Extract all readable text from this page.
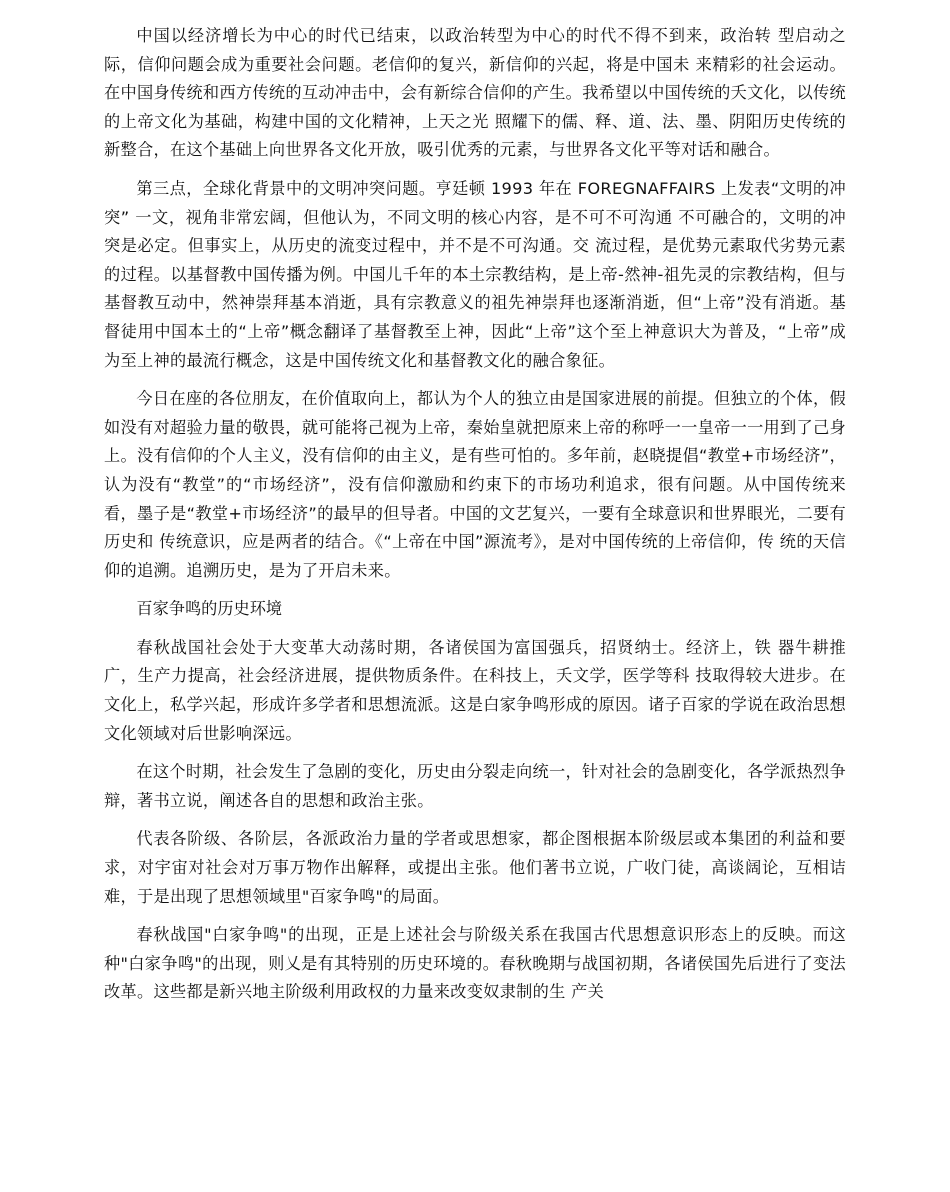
中国以经济增长为中心的时代已结束，以政治转型为中心的时代不得不到来，政治转 型启动之际，信仰问题会成为重要社会问题。老信仰的复兴，新信仰的兴起，将是中国未 来精彩的社会运动。在中国身传统和西方传统的互动冲击中，会有新综合信仰的产生。我希望以中国传统的夭文化，以传统的上帝文化为基础，构建中国的文化精神，上天之光 照耀下的儒、释、道、法、墨、阴阳历史传统的新整合，在这个基础上向世界各文化开放，吸引优秀的元素，与世界各文化平等对话和融合。

第三点，全球化背景中的文明冲突问题。亨廷顿 1993 年在 FOREGNAFFAIRS 上发表“文明的冲突” 一文，视角非常宏阔，但他认为，不同文明的核心内容，是不可不可沟通 不可融合的，文明的冲突是必定。但事实上，从历史的流变过程中，并不是不可沟通。交 流过程，是优势元素取代劣势元素的过程。以基督教中国传播为例。中国儿千年的本土宗教结构，是上帝-然神-祖先灵的宗教结构，但与基督教互动中，然神崇拜基本消逝，具有宗教意义的祖先神崇拜也逐渐消逝，但“上帝”没有消逝。基督徒用中国本土的“上帝”概念翻译了基督教至上神，因此“上帝”这个至上神意识大为普及，“上帝”成为至上神的最流行概念，这是中国传统文化和基督教文化的融合象征。

今日在座的各位朋友，在价值取向上，都认为个人的独立由是国家进展的前提。但独立的个体，假如没有对超验力量的敬畏，就可能将己视为上帝，秦始皇就把原来上帝的称呼一一皇帝一一用到了己身上。没有信仰的个人主义，没有信仰的由主义，是有些可怕的。多年前，赵晓提倡“教堂+市场经济”，认为没有“教堂”的“市场经济”，没有信仰激励和约束下的市场功利追求，很有问题。从中国传统来看，墨子是“教堂+市场经济”的最早的但导者。中国的文艺复兴，一要有全球意识和世界眼光，二要有历史和 传统意识，应是两者的结合。《“上帝在中国”源流考》，是对中国传统的上帝信仰，传 统的天信仰的追溯。追溯历史，是为了开启未来。

百家争鸣的历史环境

春秋战国社会处于大变革大动荡时期，各诸侯国为富国强兵，招贤纳士。经济上，铁 器牛耕推广，生产力提高，社会经济进展，提供物质条件。在科技上，夭文学，医学等科 技取得较大进步。在文化上，私学兴起，形成许多学者和思想流派。这是白家争鸣形成的原因。诸子百家的学说在政治思想文化领域对后世影响深远。

在这个时期，社会发生了急剧的变化，历史由分裂走向统一，针对社会的急剧变化，各学派热烈争辩，著书立说，阐述各自的思想和政治主张。

代表各阶级、各阶层，各派政治力量的学者或思想家，都企图根据本阶级层或本集团的利益和要求，对宇宙对社会对万事万物作出解释，或提出主张。他们著书立说，广收门徒，高谈阔论，互相诘难，于是出现了思想领域里"百家争鸣"的局面。

春秋战国"白家争鸣"的出现，正是上述社会与阶级关系在我国古代思想意识形态上的反映。而这种"白家争鸣"的出现，则乂是有其特别的历史环境的。春秋晚期与战国初期，各诸侯国先后进行了变法改革。这些都是新兴地主阶级利用政权的力量来改变奴隶制的生 产关
